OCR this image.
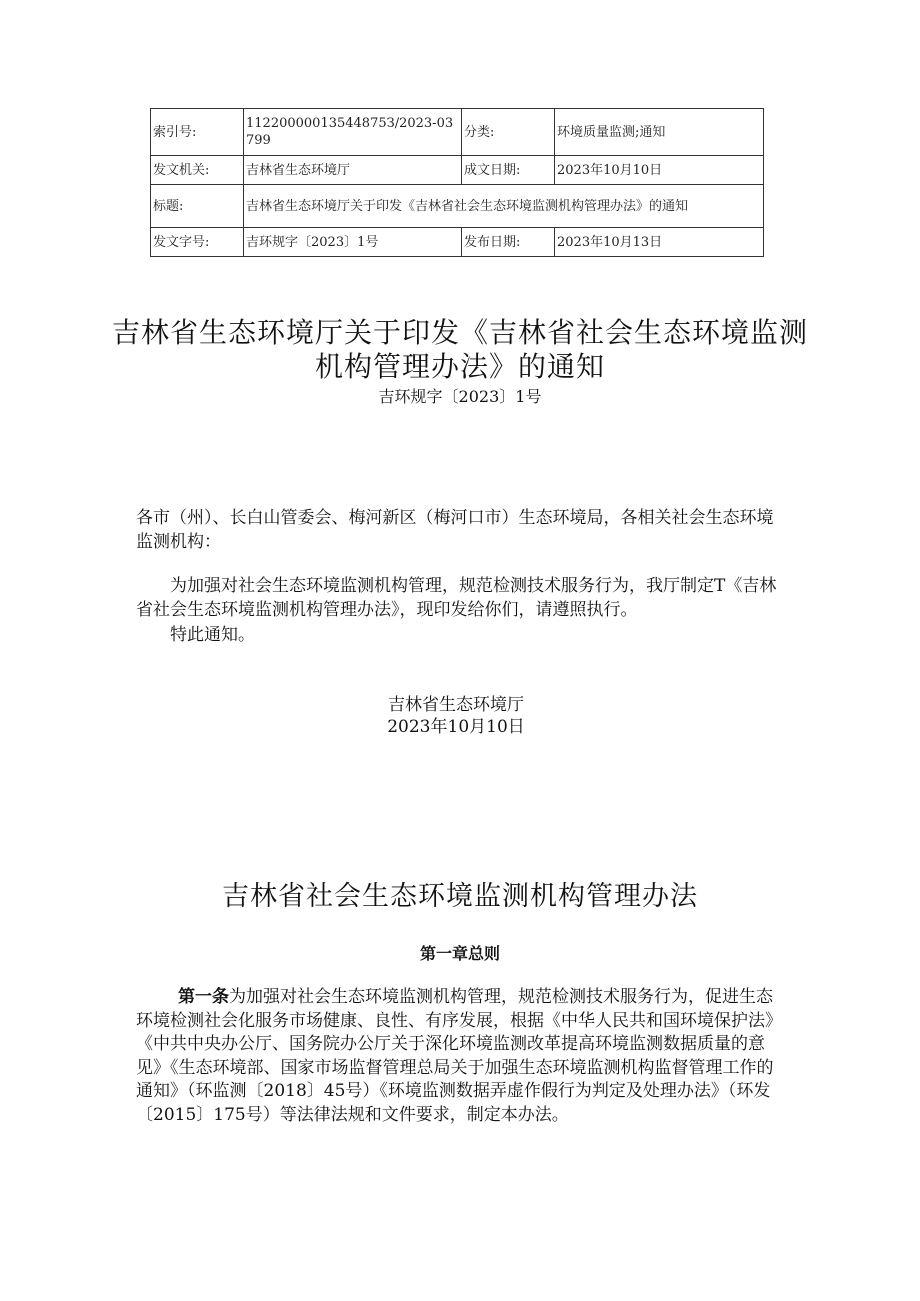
索引号:	11220000013544875З/2023-03799	分类:	环境质量监测;通知
发文机关:	吉林省生态环境厅	成文日期:	2023年10月10日
标题:	吉林省生态环境厅关于印发《吉林省社会生态环境监测机构管理办法》的通知		
发文字号:	吉环规字〔2023〕1号	发布日期:	2023年10月13日
吉林省生态环境厅关于印发《吉林省社会生态环境监测机构管理办法》的通知
吉环规字〔2023〕1号
各市（州）、长白山管委会、梅河新区（梅河口市）生态环境局，各相关社会生态环境监测机构：
为加强对社会生态环境监测机构管理，规范检测技术服务行为，我厅制定T《吉林省社会生态环境监测机构管理办法》，现印发给你们，请遵照执行。
特此通知。
吉林省生态环境厅
2023年10月10日
吉林省社会生态环境监测机构管理办法
第一章总则
第一条为加强对社会生态环境监测机构管理，规范检测技术服务行为，促进生态环境检测社会化服务市场健康、良性、有序发展，根据《中华人民共和国环境保护法》《中共中央办公厅、国务院办公厅关于深化环境监测改革提高环境监测数据质量的意见》《生态环境部、国家市场监督管理总局关于加强生态环境监测机构监督管理工作的通知》（环监测〔2018〕45号）《环境监测数据弄虚作假行为判定及处理办法》（环发〔2015〕175号）等法律法规和文件要求，制定本办法。
